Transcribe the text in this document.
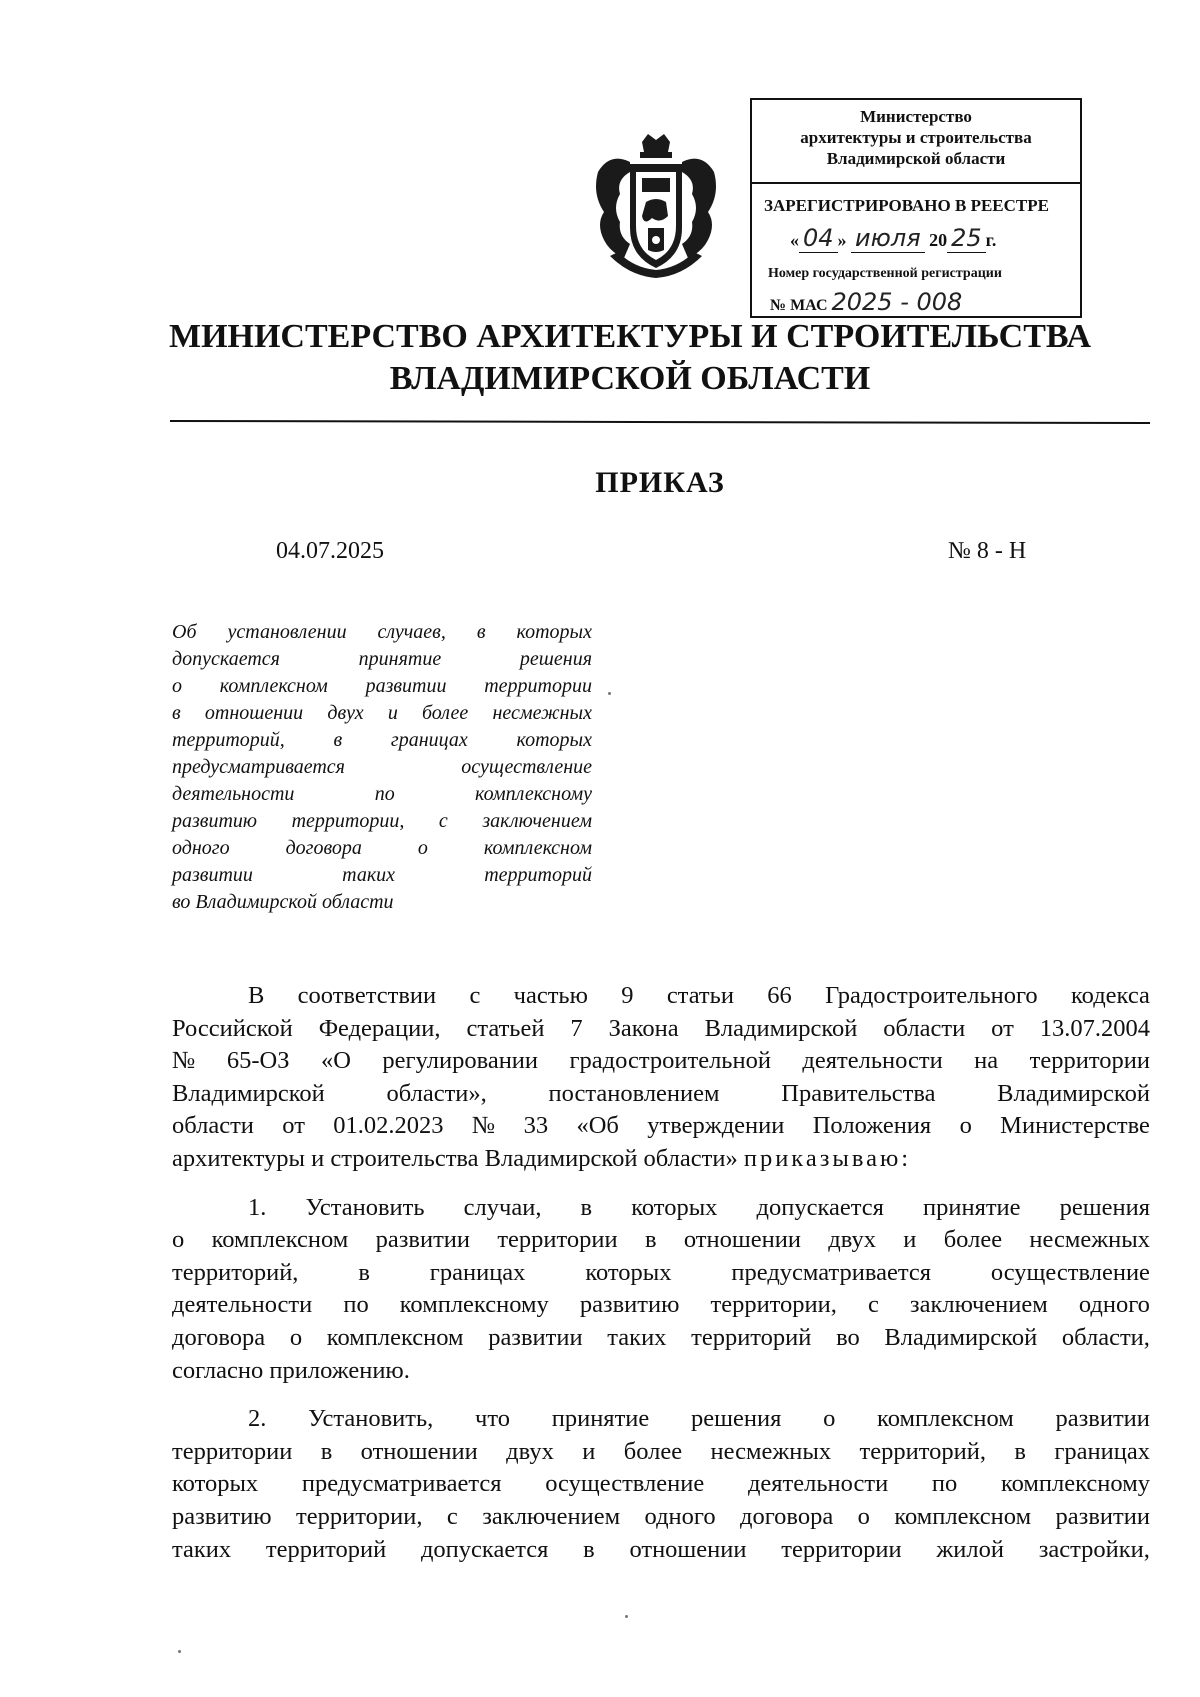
Министерство
архитектуры и строительства
Владимирской области
ЗАРЕГИСТРИРОВАНО В РЕЕСТРЕ
« 04 » июля 20 25 г.
Номер государственной регистрации
№ МАС 2025 - 008
МИНИСТЕРСТВО АРХИТЕКТУРЫ И СТРОИТЕЛЬСТВА
ВЛАДИМИРСКОЙ ОБЛАСТИ
ПРИКАЗ
04.07.2025	№ 8 - Н
Об установлении случаев, в которых
допускается	принятие	решения
о комплексном развитии территории
в отношении двух и более несмежных
территорий, в границах которых
предусматривается	осуществление
деятельности	по	комплексному
развитию территории, с заключением
одного	договора	о	комплексном
развитии	таких	территорий
во Владимирской области
В соответствии с частью 9 статьи 66 Градостроительного кодекса
Российской Федерации, статьей 7 Закона Владимирской области от 13.07.2004
№ 65-ОЗ «О регулировании градостроительной деятельности на территории
Владимирской	области»,	постановлением	Правительства	Владимирской
области от 01.02.2023 № 33 «Об утверждении Положения о Министерстве
архитектуры и строительства Владимирской области»
приказываю:
1. Установить случаи, в которых допускается принятие решения
о комплексном развитии территории в отношении двух и более несмежных
территорий, в границах которых предусматривается осуществление
деятельности по комплексному развитию территории, с заключением одного
договора о комплексном развитии таких территорий во Владимирской области,
согласно приложению.
2. Установить, что принятие решения о комплексном развитии
территории в отношении двух и более несмежных территорий, в границах
которых предусматривается осуществление деятельности по комплексному
развитию территории, с заключением одного договора о комплексном развитии
таких территорий допускается в отношении территории жилой застройки,
